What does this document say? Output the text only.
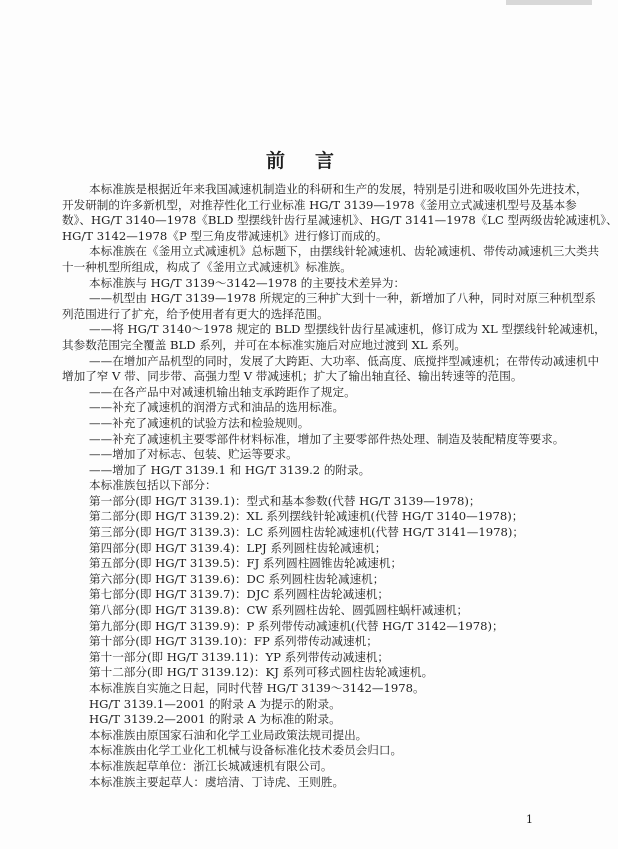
前言
本标准族是根据近年来我国减速机制造业的科研和生产的发展，特别是引进和吸收国外先进技术，
开发研制的许多新机型，对推荐性化工行业标准 HG/T 3139—1978《釜用立式减速机型号及基本参
数》、HG/T 3140—1978《BLD 型摆线针齿行星减速机》、HG/T 3141—1978《LC 型两级齿轮减速机》、
HG/T 3142—1978《P 型三角皮带减速机》进行修订而成的。
本标准族在《釜用立式减速机》总标题下，由摆线针轮减速机、齿轮减速机、带传动减速机三大类共
十一种机型所组成，构成了《釜用立式减速机》标准族。
本标准族与 HG/T 3139～3142—1978 的主要技术差异为：
——机型由 HG/T 3139—1978 所规定的三种扩大到十一种，新增加了八种，同时对原三种机型系
列范围进行了扩充，给予使用者有更大的选择范围。
——将 HG/T 3140～1978 规定的 BLD 型摆线针齿行星减速机，修订成为 XL 型摆线针轮减速机，
其参数范围完全覆盖 BLD 系列，并可在本标准实施后对应地过渡到 XL 系列。
——在增加产品机型的同时，发展了大跨距、大功率、低高度、底搅拌型减速机；在带传动减速机中
增加了窄 V 带、同步带、高强力型 V 带减速机；扩大了输出轴直径、输出转速等的范围。
——在各产品中对减速机输出轴支承跨距作了规定。
——补充了减速机的润滑方式和油品的选用标准。
——补充了减速机的试验方法和检验规则。
——补充了减速机主要零部件材料标准，增加了主要零部件热处理、制造及装配精度等要求。
——增加了对标志、包装、贮运等要求。
——增加了 HG/T 3139.1 和 HG/T 3139.2 的附录。
本标准族包括以下部分：
第一部分(即 HG/T 3139.1)：型式和基本参数(代替 HG/T 3139—1978)；
第二部分(即 HG/T 3139.2)：XL 系列摆线针轮减速机(代替 HG/T 3140—1978)；
第三部分(即 HG/T 3139.3)：LC 系列圆柱齿轮减速机(代替 HG/T 3141—1978)；
第四部分(即 HG/T 3139.4)：LPJ 系列圆柱齿轮减速机；
第五部分(即 HG/T 3139.5)：FJ 系列圆柱圆锥齿轮减速机；
第六部分(即 HG/T 3139.6)：DC 系列圆柱齿轮减速机；
第七部分(即 HG/T 3139.7)：DJC 系列圆柱齿轮减速机；
第八部分(即 HG/T 3139.8)：CW 系列圆柱齿轮、圆弧圆柱蜗杆减速机；
第九部分(即 HG/T 3139.9)：P 系列带传动减速机(代替 HG/T 3142—1978)；
第十部分(即 HG/T 3139.10)：FP 系列带传动减速机；
第十一部分(即 HG/T 3139.11)：YP 系列带传动减速机；
第十二部分(即 HG/T 3139.12)：KJ 系列可移式圆柱齿轮减速机。
本标准族自实施之日起，同时代替 HG/T 3139～3142—1978。
HG/T 3139.1—2001 的附录 A 为提示的附录。
HG/T 3139.2—2001 的附录 A 为标准的附录。
本标准族由原国家石油和化学工业局政策法规司提出。
本标准族由化学工业化工机械与设备标准化技术委员会归口。
本标准族起草单位：浙江长城减速机有限公司。
本标准族主要起草人：虞培清、丁诗虎、王则胜。
1
